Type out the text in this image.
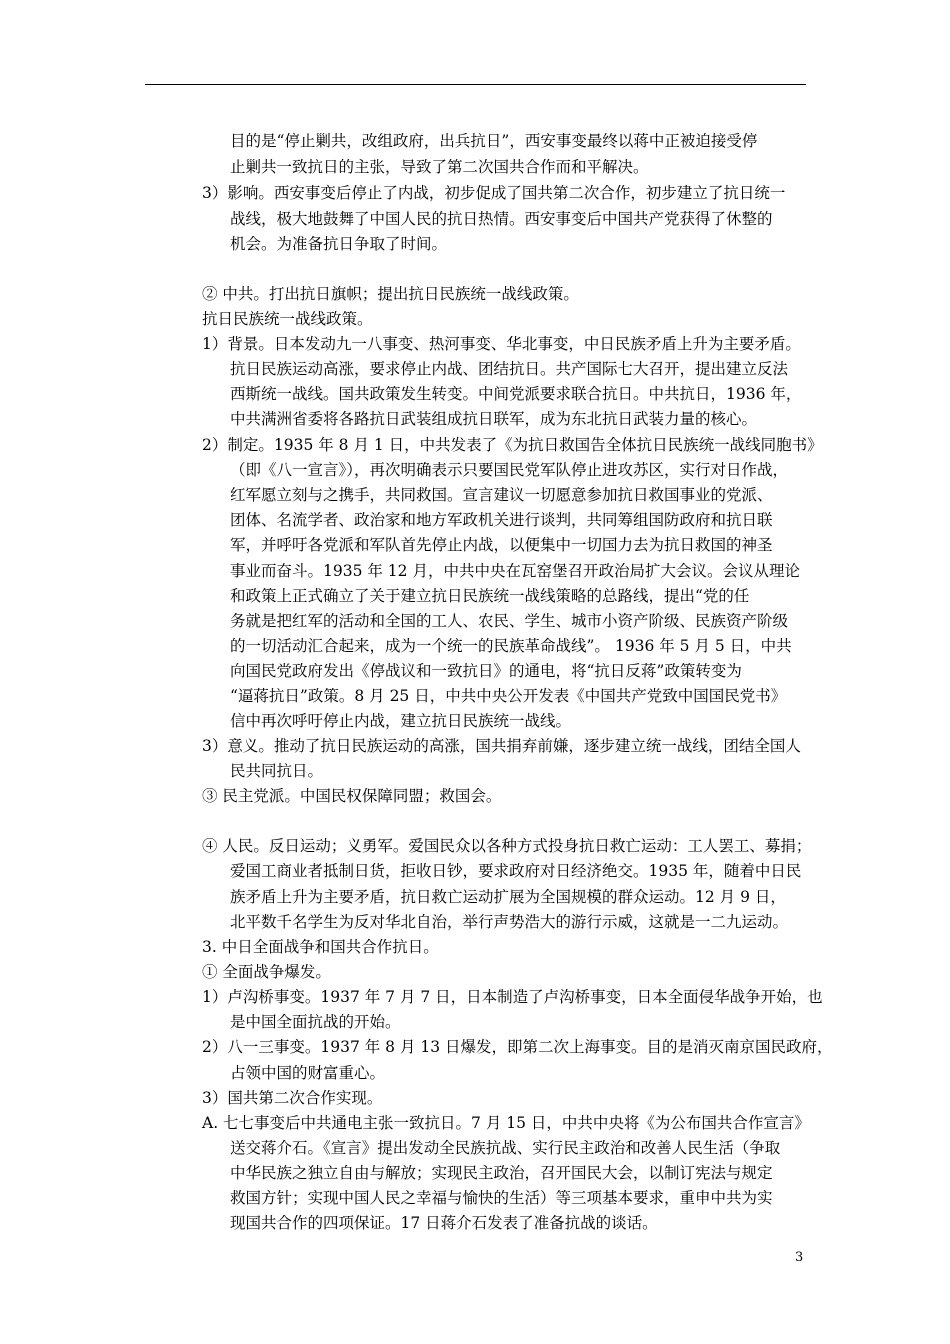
目的是“停止剿共，改组政府，出兵抗日”，西安事变最终以蒋中正被迫接受停
止剿共一致抗日的主张，导致了第二次国共合作而和平解决。
3）影响。西安事变后停止了内战，初步促成了国共第二次合作，初步建立了抗日统一
战线，极大地鼓舞了中国人民的抗日热情。西安事变后中国共产党获得了休整的
机会。为准备抗日争取了时间。
② 中共。打出抗日旗帜；提出抗日民族统一战线政策。
抗日民族统一战线政策。
1）背景。日本发动九一八事变、热河事变、华北事变，中日民族矛盾上升为主要矛盾。
抗日民族运动高涨，要求停止内战、团结抗日。共产国际七大召开，提出建立反法
西斯统一战线。国共政策发生转变。中间党派要求联合抗日。中共抗日，1936 年，
中共满洲省委将各路抗日武装组成抗日联军，成为东北抗日武装力量的核心。
2）制定。1935 年 8 月 1 日，中共发表了《为抗日救国告全体抗日民族统一战线同胞书》
（即《八一宣言》），再次明确表示只要国民党军队停止进攻苏区，实行对日作战，
红军愿立刻与之携手，共同救国。宣言建议一切愿意参加抗日救国事业的党派、
团体、名流学者、政治家和地方军政机关进行谈判，共同筹组国防政府和抗日联
军，并呼吁各党派和军队首先停止内战，以便集中一切国力去为抗日救国的神圣
事业而奋斗。1935 年 12 月，中共中央在瓦窑堡召开政治局扩大会议。会议从理论
和政策上正式确立了关于建立抗日民族统一战线策略的总路线，提出“党的任
务就是把红军的活动和全国的工人、农民、学生、城市小资产阶级、民族资产阶级
的一切活动汇合起来，成为一个统一的民族革命战线”。 1936 年 5 月 5 日，中共
向国民党政府发出《停战议和一致抗日》的通电，将“抗日反蒋”政策转变为
“逼蒋抗日”政策。8 月 25 日，中共中央公开发表《中国共产党致中国国民党书》
信中再次呼吁停止内战，建立抗日民族统一战线。
3）意义。推动了抗日民族运动的高涨，国共捐弃前嫌，逐步建立统一战线，团结全国人
民共同抗日。
③ 民主党派。中国民权保障同盟；救国会。
④ 人民。反日运动；义勇军。爱国民众以各种方式投身抗日救亡运动：工人罢工、募捐；
爱国工商业者抵制日货，拒收日钞，要求政府对日经济绝交。1935 年，随着中日民
族矛盾上升为主要矛盾，抗日救亡运动扩展为全国规模的群众运动。12 月 9 日，
北平数千名学生为反对华北自治，举行声势浩大的游行示威，这就是一二九运动。
3. 中日全面战争和国共合作抗日。
① 全面战争爆发。
1）卢沟桥事变。1937 年 7 月 7 日，日本制造了卢沟桥事变，日本全面侵华战争开始，也
是中国全面抗战的开始。
2）八一三事变。1937 年 8 月 13 日爆发，即第二次上海事变。目的是消灭南京国民政府，
占领中国的财富重心。
3）国共第二次合作实现。
A. 七七事变后中共通电主张一致抗日。7 月 15 日，中共中央将《为公布国共合作宣言》
送交蒋介石。《宣言》提出发动全民族抗战、实行民主政治和改善人民生活（争取
中华民族之独立自由与解放；实现民主政治，召开国民大会，以制订宪法与规定
救国方针；实现中国人民之幸福与愉快的生活）等三项基本要求，重申中共为实
现国共合作的四项保证。17 日蒋介石发表了准备抗战的谈话。
3
